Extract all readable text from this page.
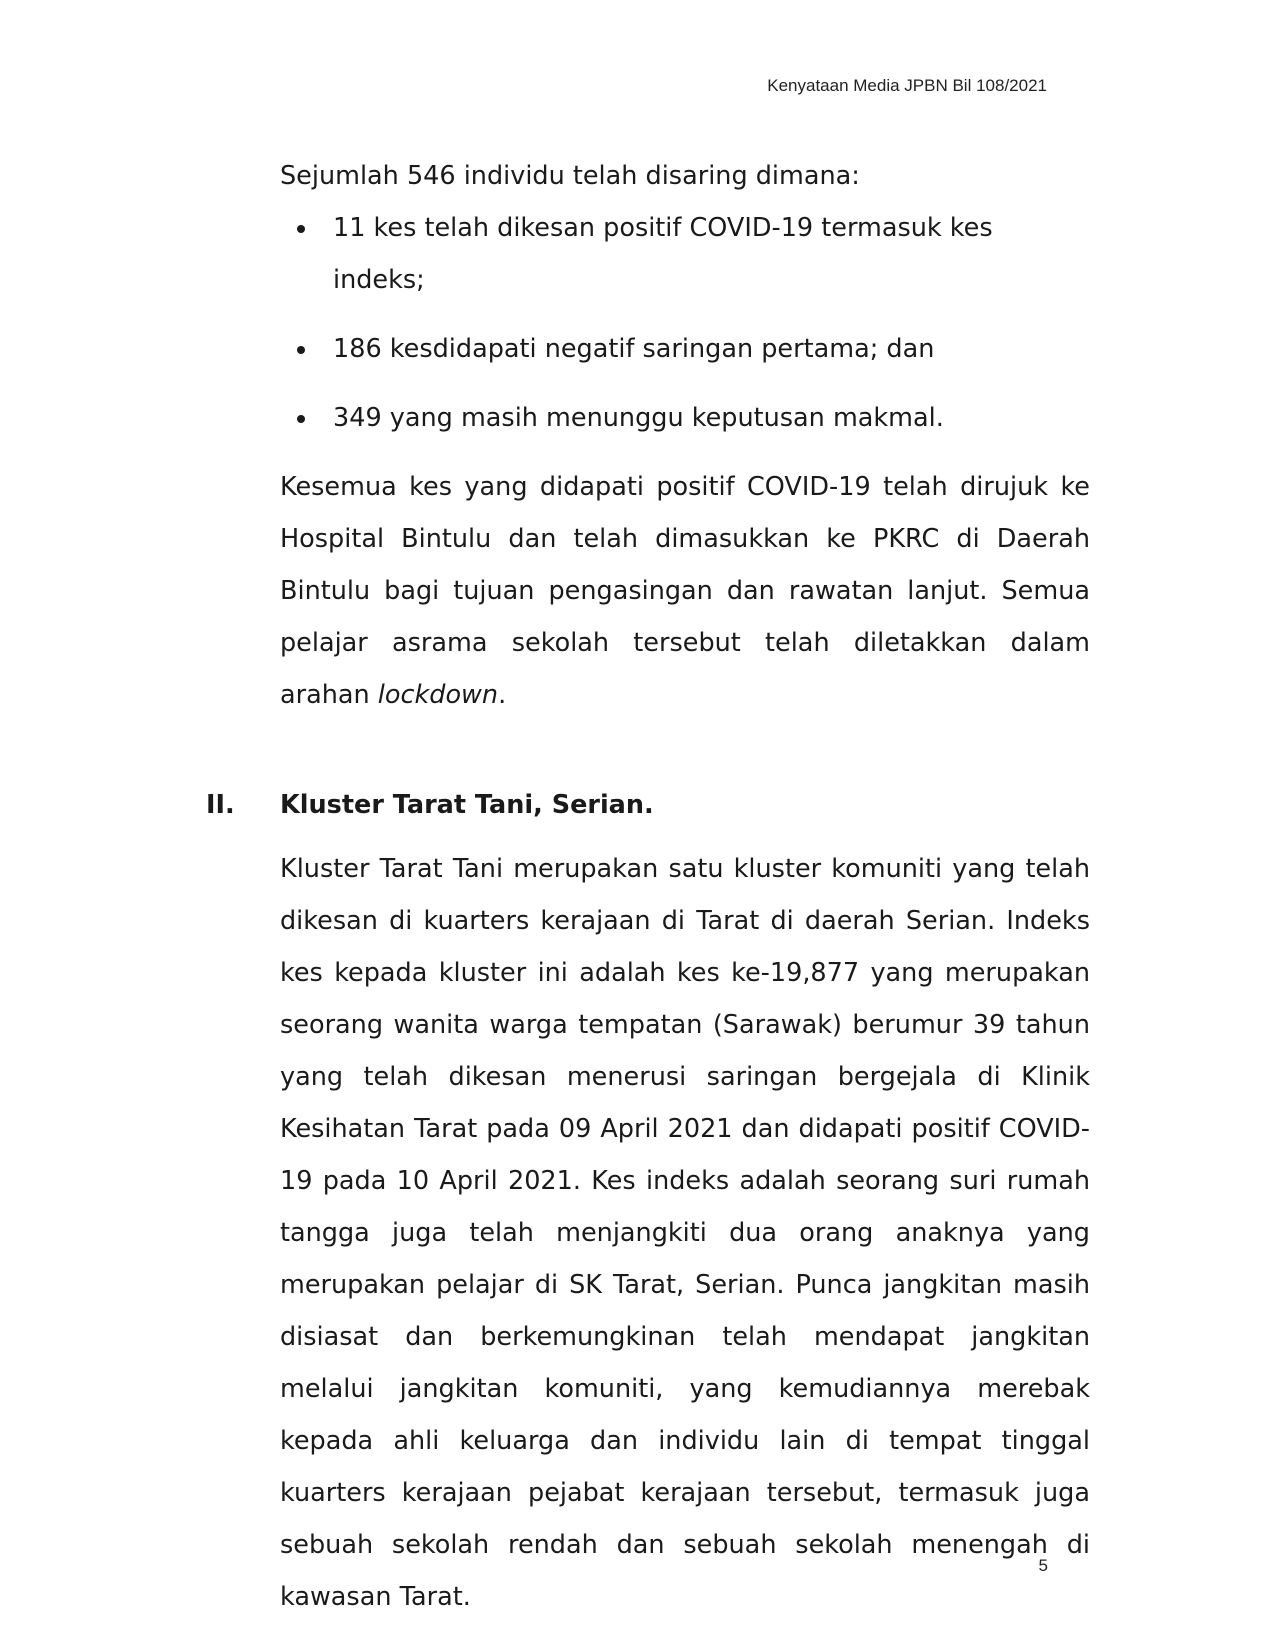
Kenyataan Media JPBN Bil 108/2021

Sejumlah 546 individu telah disaring dimana:

11 kes telah dikesan positif COVID-19 termasuk kes indeks;
186 kesdidapati negatif saringan pertama; dan
349 yang masih menunggu keputusan makmal.

Kesemua kes yang didapati positif COVID-19 telah dirujuk ke Hospital Bintulu dan telah dimasukkan ke PKRC di Daerah Bintulu bagi tujuan pengasingan dan rawatan lanjut. Semua pelajar asrama sekolah tersebut telah diletakkan dalam arahan lockdown.

II. Kluster Tarat Tani, Serian.

Kluster Tarat Tani merupakan satu kluster komuniti yang telah dikesan di kuarters kerajaan di Tarat di daerah Serian. Indeks kes kepada kluster ini adalah kes ke-19,877 yang merupakan seorang wanita warga tempatan (Sarawak) berumur 39 tahun yang telah dikesan menerusi saringan bergejala di Klinik Kesihatan Tarat pada 09 April 2021 dan didapati positif COVID-19 pada 10 April 2021. Kes indeks adalah seorang suri rumah tangga juga telah menjangkiti dua orang anaknya yang merupakan pelajar di SK Tarat, Serian. Punca jangkitan masih disiasat dan berkemungkinan telah mendapat jangkitan melalui jangkitan komuniti, yang kemudiannya merebak kepada ahli keluarga dan individu lain di tempat tinggal kuarters kerajaan pejabat kerajaan tersebut, termasuk juga sebuah sekolah rendah dan sebuah sekolah menengah di kawasan Tarat.

5
